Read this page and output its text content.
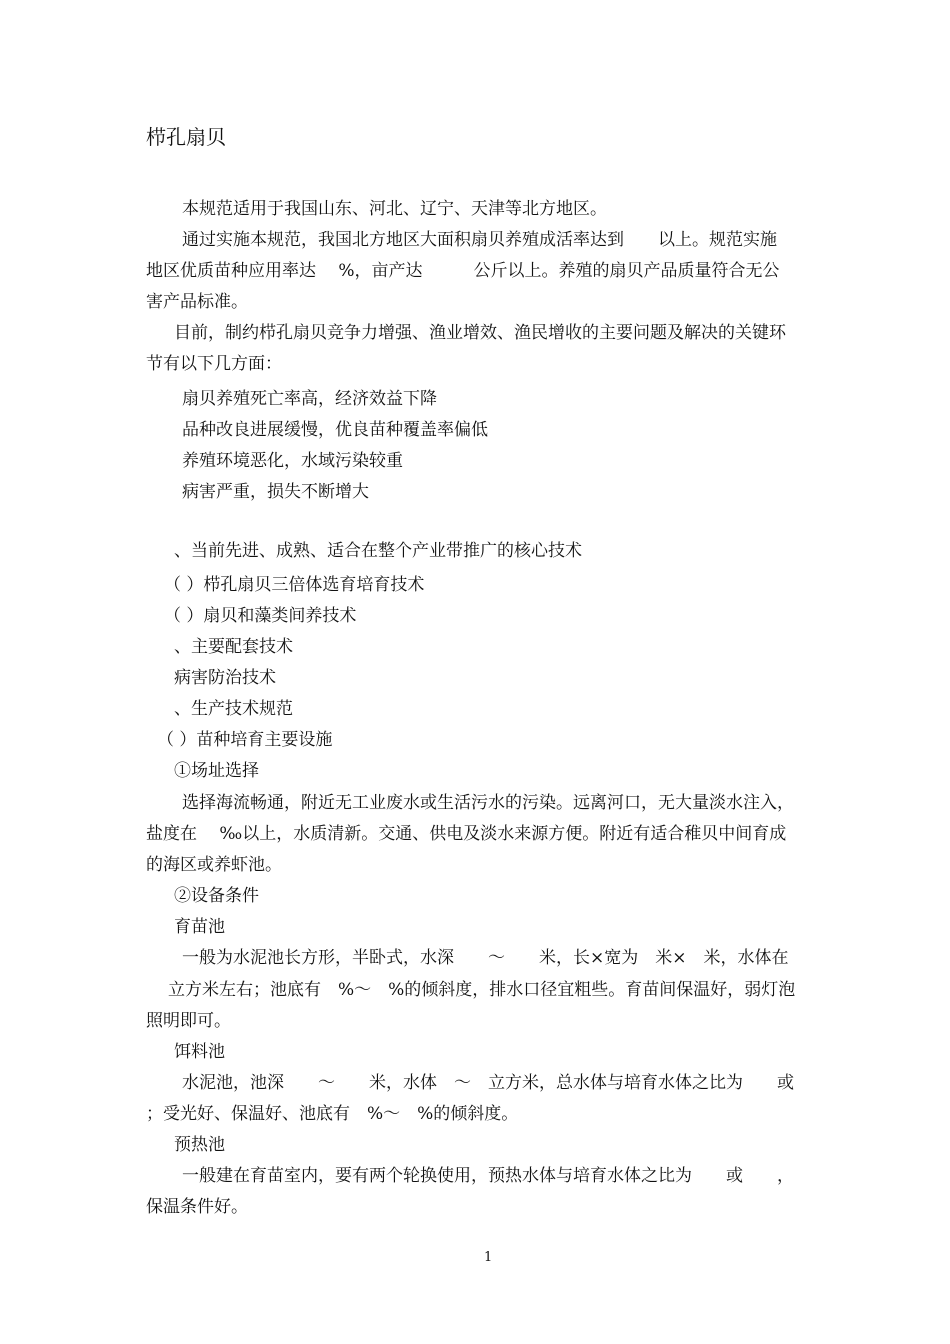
栉孔扇贝
本规范适用于我国山东、河北、辽宁、天津等北方地区。
通过实施本规范，我国北方地区大面积扇贝养殖成活率达到　　以上。规范实施
地区优质苗种应用率达　 %，亩产达　　　公斤以上。养殖的扇贝产品质量符合无公
害产品标准。
目前，制约栉孔扇贝竞争力增强、渔业增效、渔民增收的主要问题及解决的关键环
节有以下几方面：
扇贝养殖死亡率高，经济效益下降
品种改良进展缓慢，优良苗种覆盖率偏低
养殖环境恶化，水域污染较重
病害严重，损失不断增大
、当前先进、成熟、适合在整个产业带推广的核心技术
（ ）栉孔扇贝三倍体选育培育技术
（ ）扇贝和藻类间养技术
、主要配套技术
病害防治技术
、生产技术规范
（ ）苗种培育主要设施
①场址选择
选择海流畅通，附近无工业废水或生活污水的污染。远离河口，无大量淡水注入，
盐度在　 ‰以上，水质清新。交通、供电及淡水来源方便。附近有适合稚贝中间育成
的海区或养虾池。
②设备条件
育苗池
一般为水泥池长方形，半卧式，水深　　～　　米，长×宽为　米×　米，水体在
立方米左右；池底有　%～　%的倾斜度，排水口径宜粗些。育苗间保温好，弱灯泡
照明即可。
饵料池
水泥池，池深　　～　　米，水体　～　立方米，总水体与培育水体之比为　　或
；受光好、保温好、池底有　%～　%的倾斜度。
预热池
一般建在育苗室内，要有两个轮换使用，预热水体与培育水体之比为　　或　　，
保温条件好。
1
